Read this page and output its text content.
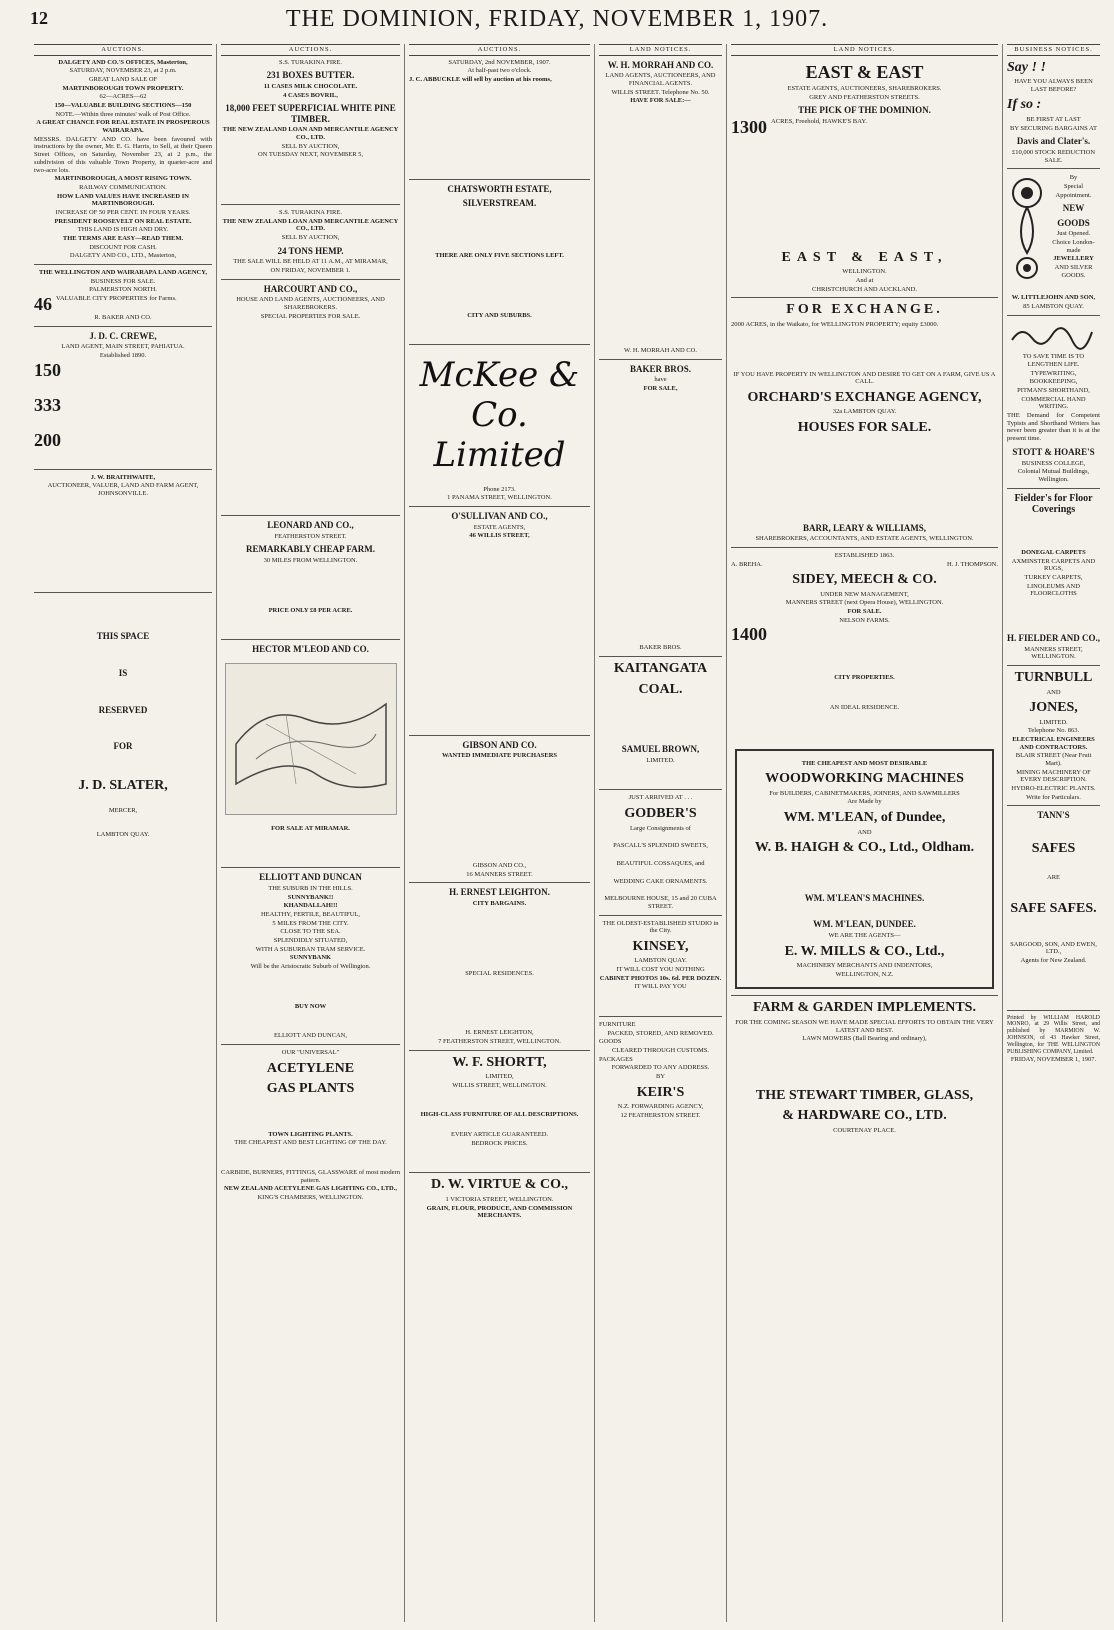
12	THE DOMINION, FRIDAY, NOVEMBER 1, 1907.
AUCTIONS.
DALGETY AND CO.'S OFFICES, Masterton,
SATURDAY, NOVEMBER 23, at 2 p.m.
GREAT LAND SALE OF
MARTINBOROUGH TOWN PROPERTY.
62—ACRES—62
150—VALUABLE BUILDING SECTIONS—150
NOTE.—Within three minutes' walk of Post Office.
A GREAT CHANCE FOR REAL ESTATE IN PROSPEROUS WAIRARAPA.
MESSRS. DALGETY AND CO. have been favoured with instructions by the owner, Mr. E. G. Harris, to Sell, at their Queen Street Offices, on Saturday, November 23, at 2 p.m., the subdivision of this valuable Town Property, in quarter-acre and two-acre lots.
MARTINBOROUGH, A MOST RISING TOWN.
RAILWAY COMMUNICATION.
HOW LAND VALUES HAVE INCREASED IN MARTINBOROUGH.
INCREASE OF 50 PER CENT. IN FOUR YEARS.
PRESIDENT ROOSEVELT ON REAL ESTATE.
THIS LAND IS HIGH AND DRY.
THE TERMS ARE EASY—READ THEM.
DISCOUNT FOR CASH.
DALGETY AND CO., LTD., Masterton,
THE WELLINGTON AND WAIRARAPA LAND AGENCY,
BUSINESS FOR SALE.
PALMERSTON NORTH.
46 VALUABLE CITY PROPERTIES for Farms.
R. BAKER AND CO.
J. D. C. CREWE,
LAND AGENT, MAIN STREET, PAHIATUA.
Established 1890.
150
333
200
J. W. BRAITHWAITE,
AUCTIONEER, VALUER, LAND AND FARM AGENT, JOHNSONVILLE.
THIS SPACE
IS
RESERVED
FOR
J. D. SLATER,
MERCER,
LAMBTON QUAY.
AUCTIONS.
S.S. TURAKINA FIRE.
231 BOXES BUTTER.
11 CASES MILK CHOCOLATE.
4 CASES BOVRIL,
18,000 FEET SUPERFICIAL WHITE PINE TIMBER.
THE NEW ZEALAND LOAN AND MERCANTILE AGENCY CO., LTD.
SELL BY AUCTION,
ON TUESDAY NEXT, NOVEMBER 5,
S.S. TURAKINA FIRE.
THE NEW ZEALAND LOAN AND MERCANTILE AGENCY CO., LTD.
SELL BY AUCTION,
24 TONS HEMP.
THE SALE WILL BE HELD AT 11 A.M., AT MIRAMAR,
ON FRIDAY, NOVEMBER 1.
HARCOURT AND CO.,
HOUSE AND LAND AGENTS, AUCTIONEERS, AND SHAREBROKERS.
SPECIAL PROPERTIES FOR SALE.
LEONARD AND CO.,
FEATHERSTON STREET.
REMARKABLY CHEAP FARM.
30 MILES FROM WELLINGTON.
PRICE ONLY £8 PER ACRE.
HECTOR M'LEOD AND CO.
FOR SALE AT MIRAMAR.
ELLIOTT AND DUNCAN
THE SUBURB IN THE HILLS.
SUNNYBANK!!
KHANDALLAH!!!
HEALTHY, FERTILE, BEAUTIFUL,
5 MILES FROM THE CITY.
CLOSE TO THE SEA.
SPLENDIDLY SITUATED,
WITH A SUBURBAN TRAM SERVICE.
SUNNYBANK
Will be the Aristocratic Suburb of Wellington.
BUY NOW
ELLIOTT AND DUNCAN,
OUR "UNIVERSAL"
ACETYLENE
GAS PLANTS
TOWN LIGHTING PLANTS.
THE CHEAPEST AND BEST LIGHTING OF THE DAY.
CARBIDE, BURNERS, FITTINGS, GLASSWARE of most modern pattern.
NEW ZEALAND ACETYLENE GAS LIGHTING CO., LTD.,
KING'S CHAMBERS, WELLINGTON.
AUCTIONS.
SATURDAY, 2nd NOVEMBER, 1907.
At half-past two o'clock.
J. C. ABBUCKLE will sell by auction at his rooms,
CHATSWORTH ESTATE,
SILVERSTREAM.
THERE ARE ONLY FIVE SECTIONS LEFT.
CITY AND SUBURBS.
McKee & Co. Limited
Phone 2173.
1 PANAMA STREET, WELLINGTON.
O'SULLIVAN AND CO.,
ESTATE AGENTS,
46 WILLIS STREET,
GIBSON AND CO.
WANTED IMMEDIATE PURCHASERS
GIBSON AND CO.,
16 MANNERS STREET.
H. ERNEST LEIGHTON.
CITY BARGAINS.
SPECIAL RESIDENCES.
H. ERNEST LEIGHTON,
7 FEATHERSTON STREET, WELLINGTON.
W. F. SHORTT,
LIMITED,
WILLIS STREET, WELLINGTON.
HIGH-CLASS FURNITURE OF ALL DESCRIPTIONS.
EVERY ARTICLE GUARANTEED.
BEDROCK PRICES.
D. W. VIRTUE & CO.,
1 VICTORIA STREET, WELLINGTON.
GRAIN, FLOUR, PRODUCE, AND COMMISSION MERCHANTS.
LAND NOTICES.
W. H. MORRAH AND CO.
LAND AGENTS, AUCTIONEERS, AND FINANCIAL AGENTS.
WILLIS STREET. Telephone No. 50.
HAVE FOR SALE:—
W. H. MORRAH AND CO.
BAKER BROS.
have
FOR SALE,
BAKER BROS.
KAITANGATA
COAL.
SAMUEL BROWN,
LIMITED.
JUST ARRIVED AT . . .
GODBER'S
Large Consignments of
PASCALL'S SPLENDID SWEETS,
BEAUTIFUL COSSAQUES, and
WEDDING CAKE ORNAMENTS.
MELBOURNE HOUSE, 15 and 20 CUBA STREET.
THE OLDEST-ESTABLISHED STUDIO in the City.
KINSEY,
LAMBTON QUAY.
IT WILL COST YOU NOTHING
CABINET PHOTOS 10s. 6d. PER DOZEN.
IT WILL PAY YOU
FURNITURE
PACKED, STORED, AND REMOVED.
GOODS
CLEARED THROUGH CUSTOMS.
PACKAGES
FORWARDED TO ANY ADDRESS.
BY
KEIR'S
N.Z. FORWARDING AGENCY,
12 FEATHERSTON STREET.
LAND NOTICES.
EAST & EAST
ESTATE AGENTS, AUCTIONEERS, SHAREBROKERS.
GREY AND FEATHERSTON STREETS.
THE PICK OF THE DOMINION.
1300 ACRES, Freehold, HAWKE'S BAY.
EAST & EAST,
WELLINGTON.
And at
CHRISTCHURCH AND AUCKLAND.
FOR EXCHANGE.
2000 ACRES, in the Waikato, for WELLINGTON PROPERTY; equity £3000.
IF YOU HAVE PROPERTY IN WELLINGTON AND DESIRE TO GET ON A FARM, GIVE US A CALL.
ORCHARD'S EXCHANGE AGENCY,
32a LAMBTON QUAY.
HOUSES FOR SALE.
BARR, LEARY & WILLIAMS,
SHAREBROKERS, ACCOUNTANTS, AND ESTATE AGENTS, WELLINGTON.
ESTABLISHED 1863.
A. BREHA.	H. J. THOMPSON.
SIDEY, MEECH & CO.
UNDER NEW MANAGEMENT,
MANNERS STREET (next Opera House), WELLINGTON.
FOR SALE.
NELSON FARMS.
1400
CITY PROPERTIES.
AN IDEAL RESIDENCE.
THE CHEAPEST AND MOST DESIRABLE
WOODWORKING MACHINES
For BUILDERS, CABINETMAKERS, JOINERS, AND SAWMILLERS
Are Made by
WM. M'LEAN, of Dundee,
AND
W. B. HAIGH & CO., Ltd., Oldham.
WM. M'LEAN'S MACHINES.
WM. M'LEAN, DUNDEE.
WE ARE THE AGENTS—
E. W. MILLS & CO., Ltd.,
MACHINERY MERCHANTS AND INDENTORS,
WELLINGTON, N.Z.
FARM & GARDEN IMPLEMENTS.
FOR THE COMING SEASON WE HAVE MADE SPECIAL EFFORTS TO OBTAIN THE VERY LATEST AND BEST.
LAWN MOWERS (Ball Bearing and ordinary),
THE STEWART TIMBER, GLASS,
& HARDWARE CO., LTD.
COURTENAY PLACE.
BUSINESS NOTICES.
Say ! !
HAVE YOU ALWAYS BEEN LAST BEFORE?
If so :
BE FIRST AT LAST
BY SECURING BARGAINS AT
Davis and Clater's.
£10,000 STOCK REDUCTION SALE.
By
Special
Appointment.
NEW
GOODS
Just Opened.
Choice London-made
JEWELLERY
AND SILVER GOODS.
W. LITTLEJOHN AND SON,
85 LAMBTON QUAY.
TO SAVE TIME IS TO LENGTHEN LIFE.
TYPEWRITING,
BOOKKEEPING,
PITMAN'S SHORTHAND,
COMMERCIAL HAND WRITING.
THE Demand for Competent Typists and Shorthand Writers has never been greater than it is at the present time.
STOTT & HOARE'S
BUSINESS COLLEGE,
Colonial Mutual Buildings, Wellington.
Fielder's for Floor Coverings
DONEGAL CARPETS
AXMINSTER CARPETS AND RUGS,
TURKEY CARPETS,
LINOLEUMS AND FLOORCLOTHS
H. FIELDER AND CO.,
MANNERS STREET, WELLINGTON.
TURNBULL
AND
JONES,
LIMITED.
Telephone No. 863.
ELECTRICAL ENGINEERS AND CONTRACTORS.
BLAIR STREET (Near Fruit Mart).
MINING MACHINERY OF EVERY DESCRIPTION.
HYDRO-ELECTRIC PLANTS.
Write for Particulars.
TANN'S
SAFES
ARE
SAFE SAFES.
SARGOOD, SON, AND EWEN, LTD.,
Agents for New Zealand.
Printed by WILLIAM HAROLD MONRO, at 29 Willis Street, and published by MARMION W. JOHNSON, of 43 Hawker Street, Wellington, for THE WELLINGTON PUBLISHING COMPANY, Limited.
FRIDAY, NOVEMBER 1, 1907.
